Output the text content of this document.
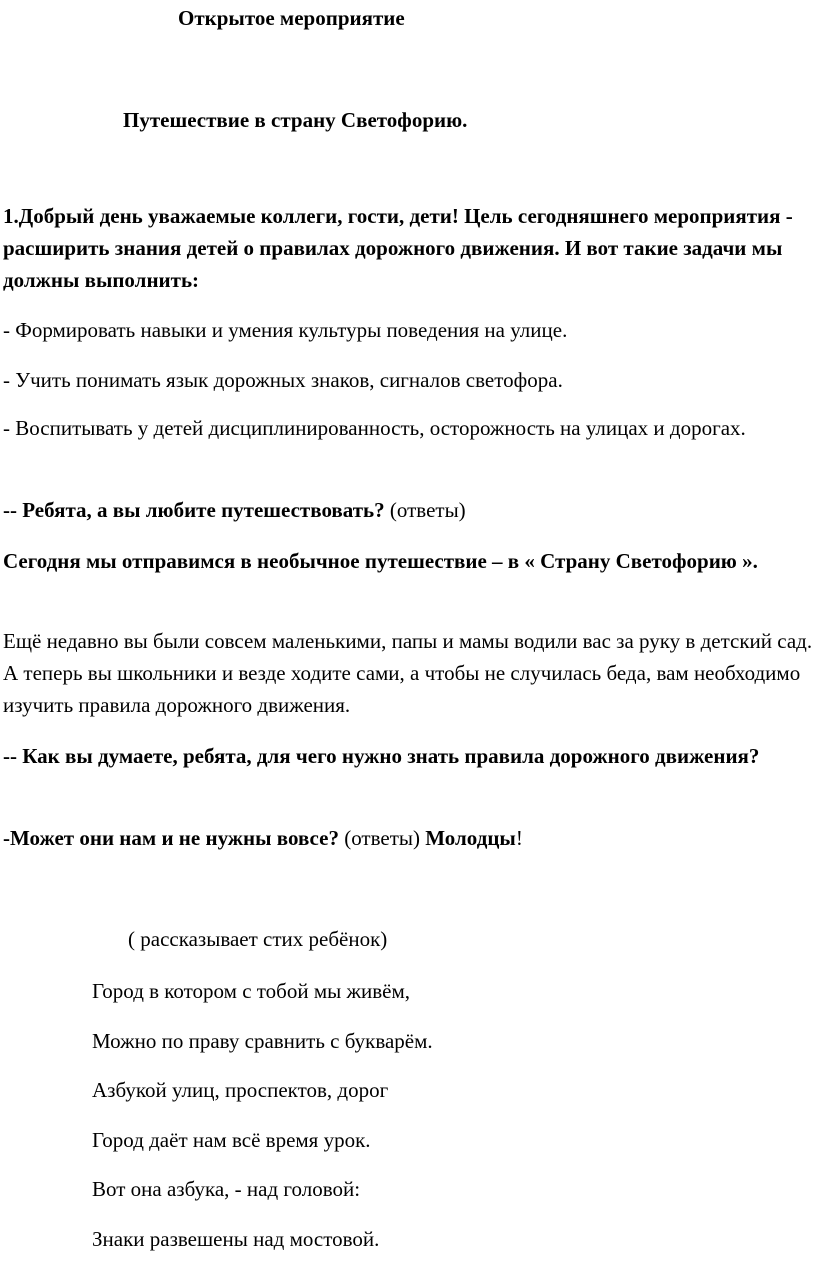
Открытое мероприятие
Путешествие в страну Светофорию.
1.Добрый день уважаемые коллеги, гости, дети! Цель сегодняшнего мероприятия - расширить знания детей о правилах дорожного движения. И вот такие задачи мы должны выполнить:
- Формировать навыки и умения культуры поведения на улице.
- Учить понимать язык дорожных знаков, сигналов светофора.
- Воспитывать у детей дисциплинированность, осторожность на улицах и дорогах.
-- Ребята, а вы любите путешествовать? (ответы)
Сегодня мы отправимся в необычное путешествие – в « Страну Светофорию ».
Ещё недавно вы были совсем маленькими, папы и мамы водили вас за руку в детский сад. А теперь вы школьники и везде ходите сами, а чтобы не случилась беда, вам необходимо изучить правила дорожного движения.
-- Как вы думаете, ребята, для чего нужно знать правила дорожного движения?
-Может они нам и не нужны вовсе? (ответы) Молодцы!
( рассказывает стих ребёнок)
Город в котором с тобой мы живём,
Можно по праву сравнить с букварём.
Азбукой улиц, проспектов, дорог
Город даёт нам всё время урок.
Вот она азбука, - над головой:
Знаки развешены над мостовой.
